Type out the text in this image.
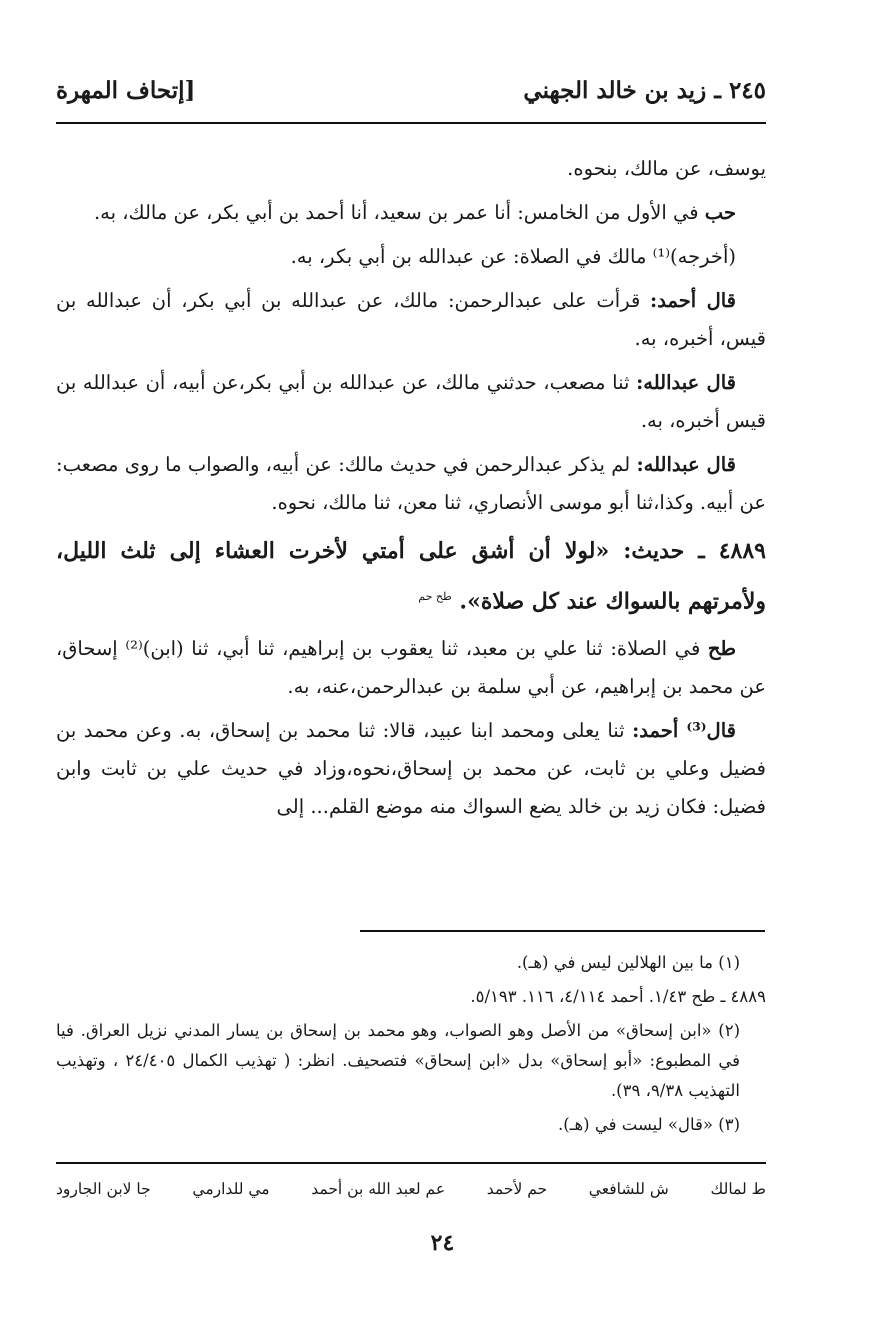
٢٤٥ ـ زيد بن خالد الجهني
[إتحاف المهرة

يوسف، عن مالك، بنحوه.

حب في الأول من الخامس: أنا عمر بن سعيد، أنا أحمد بن أبي بكر، عن مالك، به.

(أخرجه)⁽¹⁾ مالك في الصلاة: عن عبدالله بن أبي بكر، به.

قال أحمد: قرأت على عبدالرحمن: مالك، عن عبدالله بن أبي بكر، أن عبدالله بن قيس، أخبره، به.

قال عبدالله: ثنا مصعب، حدثني مالك، عن عبدالله بن أبي بكر،عن أبيه، أن عبدالله بن قيس أخبره، به.

قال عبدالله: لم يذكر عبدالرحمن في حديث مالك: عن أبيه، والصواب ما روى مصعب: عن أبيه. وكذا،ثنا أبو موسى الأنصاري، ثنا معن، ثنا مالك، نحوه.

٤٨٨٩ ـ حديث: «لولا أن أشق على أمتي لأخرت العشاء إلى ثلث الليل، ولأمرتهم بالسواك عند كل صلاة». $^{طح حم}$

طح في الصلاة: ثنا علي بن معبد، ثنا يعقوب بن إبراهيم، ثنا أبي، ثنا (ابن)⁽²⁾ إسحاق، عن محمد بن إبراهيم، عن أبي سلمة بن عبدالرحمن،عنه، به.

قال⁽³⁾ أحمد: ثنا يعلى ومحمد ابنا عبيد، قالا: ثنا محمد بن إسحاق، به. وعن محمد بن فضيل وعلي بن ثابت، عن محمد بن إسحاق،نحوه،وزاد في حديث علي بن ثابت وابن فضيل: فكان زيد بن خالد يضع السواك منه موضع القلم... إلى

(١) ما بين الهلالين ليس في (هـ).

٤٨٨٩ ـ طح ١/٤٣. أحمد ٤/١١٤، ١١٦. ٥/١٩٣.

(٢) «ابن إسحاق» من الأصل وهو الصواب، وهو محمد بن إسحاق بن يسار المدني نزيل العراق. فيا في المطبوع: «أبو إسحاق» بدل «ابن إسحاق» فتصحيف. انظر: ( تهذيب الكمال ٢٤/٤٠٥ ، وتهذيب التهذيب ٩/٣٨، ٣٩).

(٣) «قال» ليست في (هـ).

ط لمالك
ش للشافعي
حم لأحمد
عم لعبد الله بن أحمد
مي للدارمي
جا لابن الجارود
٢٤
